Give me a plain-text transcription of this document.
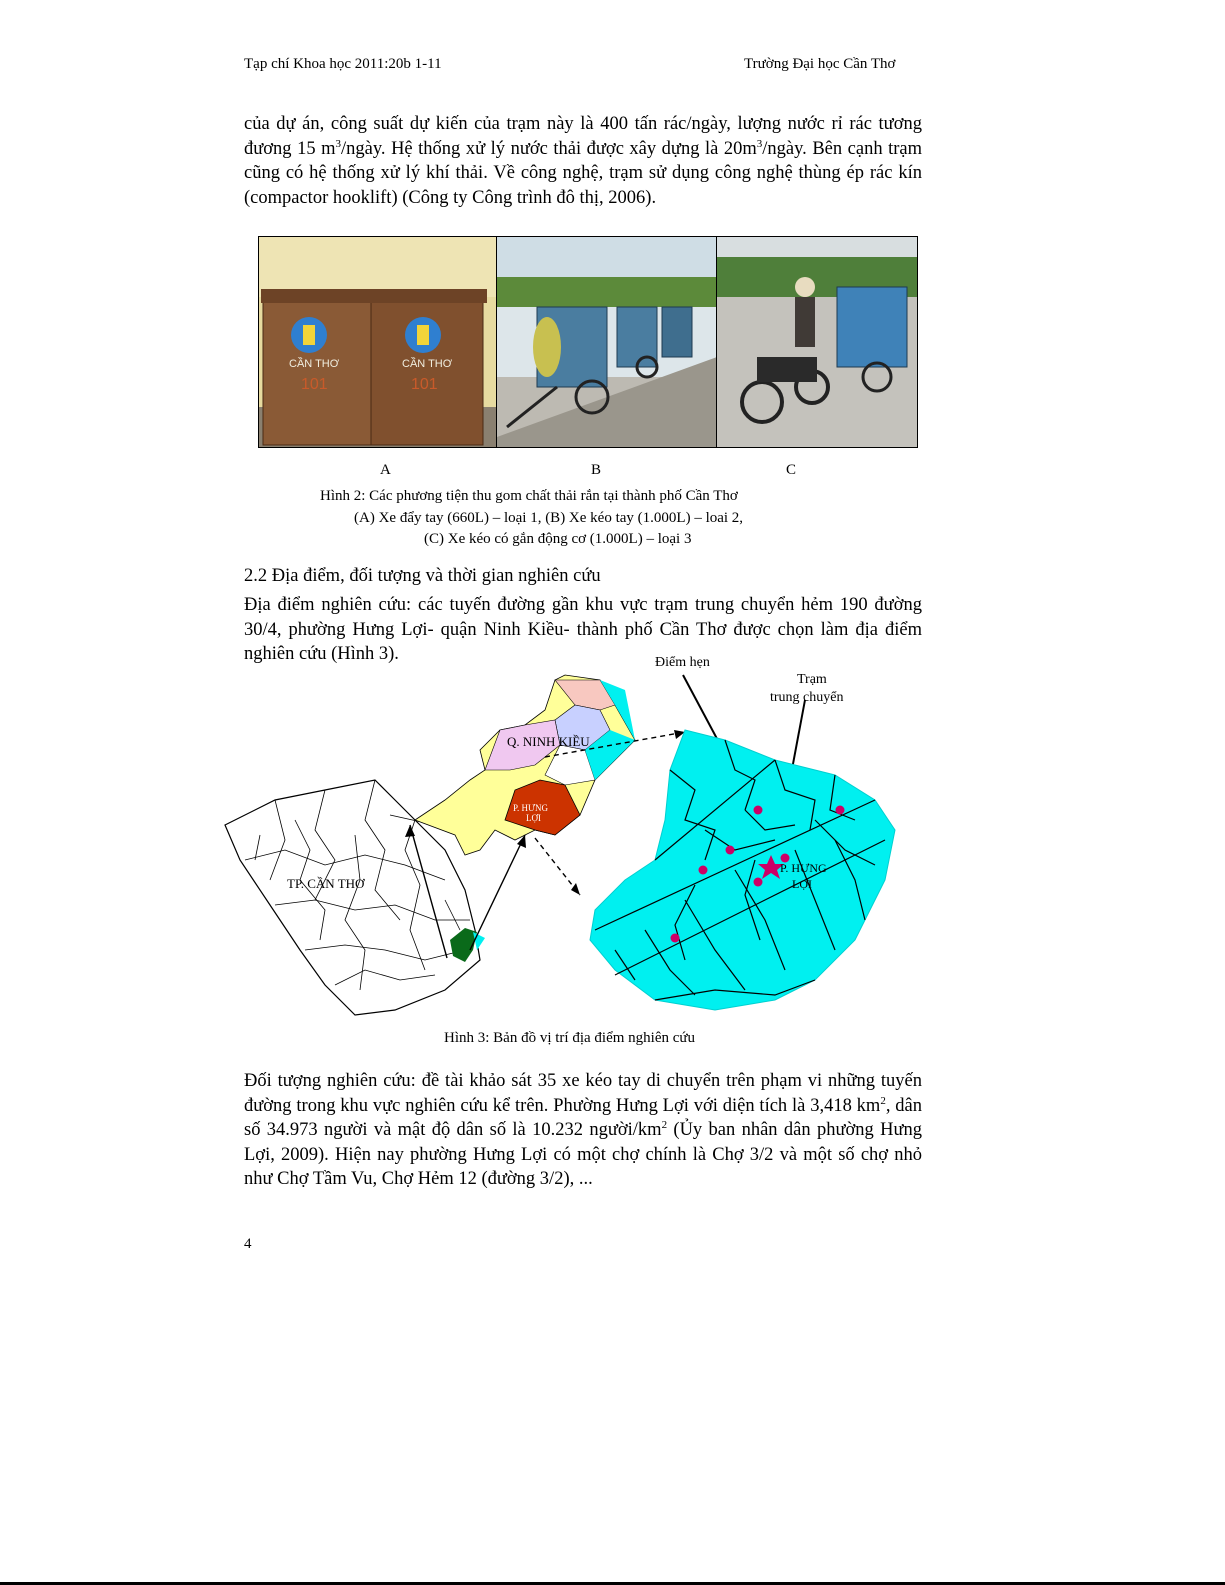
Tạp chí Khoa học 2011:20b 1-11	Trường Đại học Cần Thơ

của dự án, công suất dự kiến của trạm này là 400 tấn rác/ngày, lượng nước rỉ rác tương đương 15 $m^3$/ngày. Hệ thống xử lý nước thải được xây dựng là $20m^3$/ngày. Bên cạnh trạm cũng có hệ thống xử lý khí thải. Về công nghệ, trạm sử dụng công nghệ thùng ép rác kín (compactor hooklift) (Công ty Công trình đô thị, 2006).

CẦN THƠ	CẦN THƠ
101	101
A	B	C
Hình 2: Các phương tiện thu gom chất thải rắn tại thành phố Cần Thơ
(A) Xe đẩy tay (660L) – loại 1, (B) Xe kéo tay (1.000L) – loai 2,
(C) Xe kéo có gắn động cơ (1.000L) – loại 3
2.2 Địa điểm, đối tượng và thời gian nghiên cứu

Địa điểm nghiên cứu: các tuyến đường gần khu vực trạm trung chuyển hẻm 190 đường 30/4, phường Hưng Lợi- quận Ninh Kiều- thành phố Cần Thơ được chọn làm địa điểm nghiên cứu (Hình 3).

TP. CẦN THƠ
Q. NINH KIỀU
P. HƯNG
LỢI
P. HƯNG
LỢI
Điểm hẹn
Trạm
trung chuyển
Hình 3: Bản đồ vị trí địa điểm nghiên cứu

Đối tượng nghiên cứu: đề tài khảo sát 35 xe kéo tay di chuyển trên phạm vi những tuyến đường trong khu vực nghiên cứu kể trên. Phường Hưng Lợi với diện tích là 3,418 $km^2$, dân số 34.973 người và mật độ dân số là 10.232 người/$km^2$ (Ủy ban nhân dân phường Hưng Lợi, 2009). Hiện nay phường Hưng Lợi có một chợ chính là Chợ 3/2 và một số chợ nhỏ như Chợ Tầm Vu, Chợ Hẻm 12 (đường 3/2), ...

4
